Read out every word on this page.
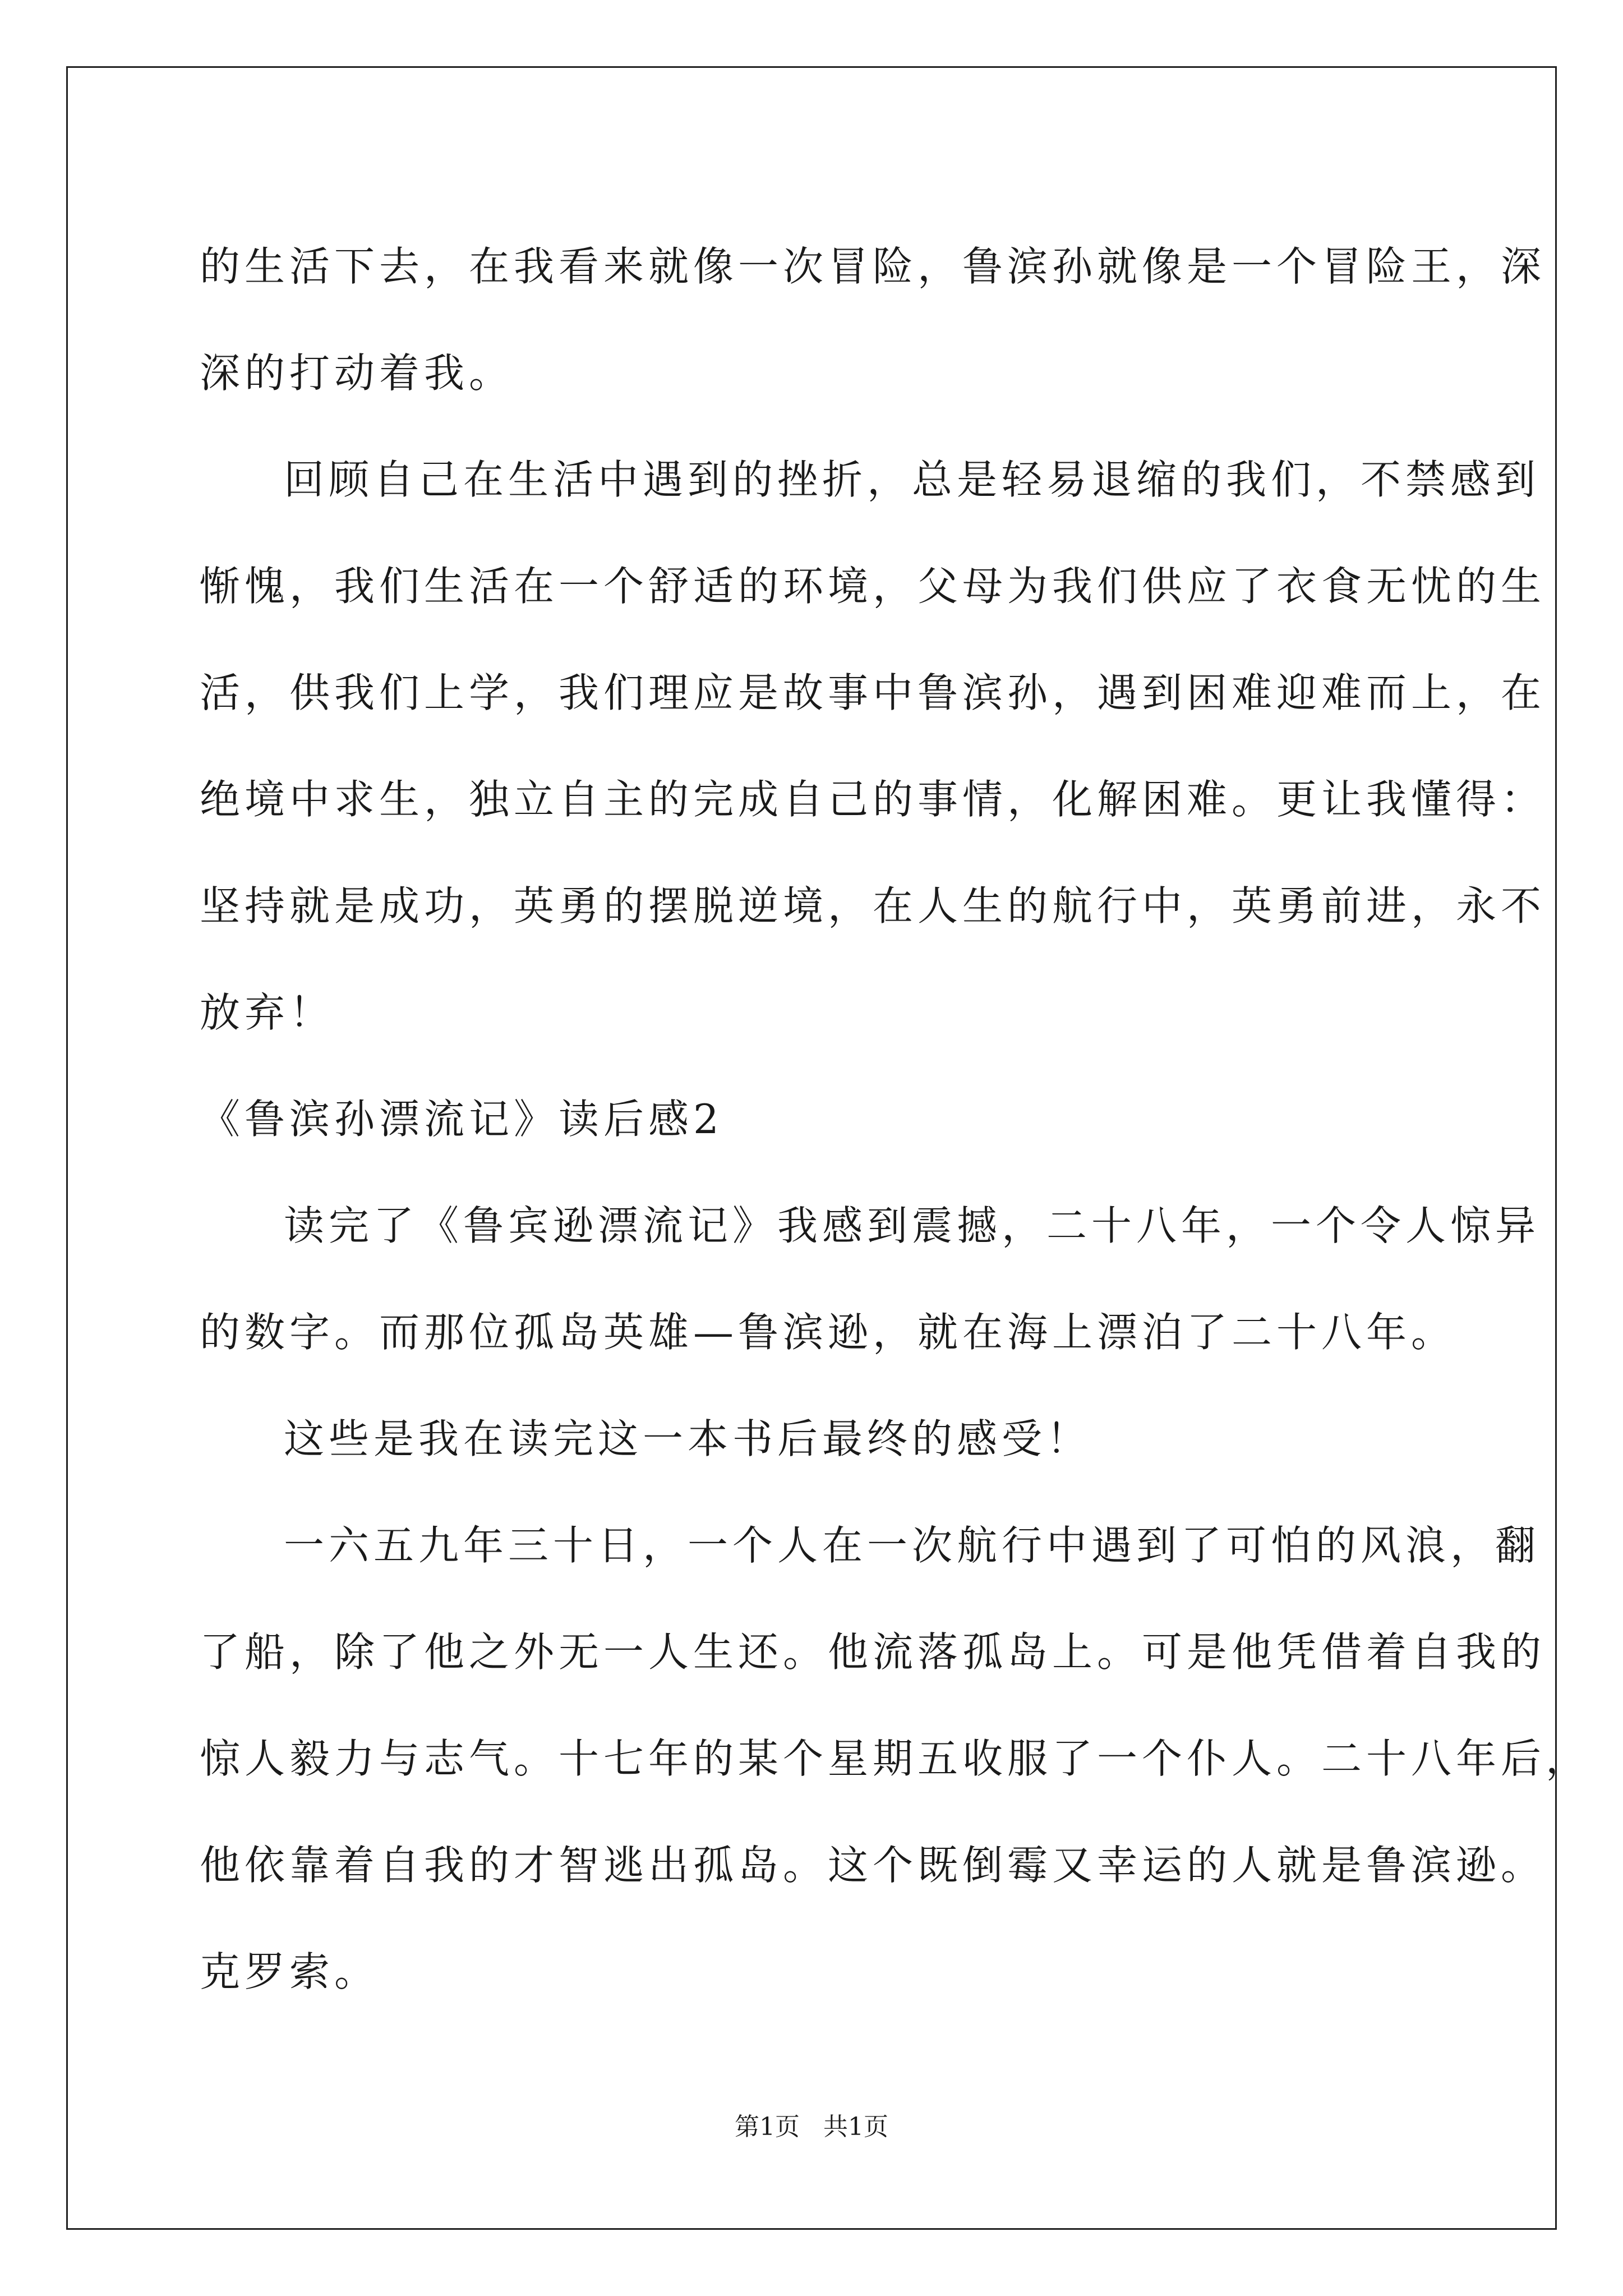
的生活下去，在我看来就像一次冒险，鲁滨孙就像是一个冒险王，深
深的打动着我。
回顾自己在生活中遇到的挫折，总是轻易退缩的我们，不禁感到
惭愧，我们生活在一个舒适的环境，父母为我们供应了衣食无忧的生
活，供我们上学，我们理应是故事中鲁滨孙，遇到困难迎难而上，在
绝境中求生，独立自主的完成自己的事情，化解困难。更让我懂得：
坚持就是成功，英勇的摆脱逆境，在人生的航行中，英勇前进，永不
放弃！
《鲁滨孙漂流记》读后感2
读完了《鲁宾逊漂流记》我感到震撼，二十八年，一个令人惊异
的数字。而那位孤岛英雄—鲁滨逊，就在海上漂泊了二十八年。
这些是我在读完这一本书后最终的感受！
一六五九年三十日，一个人在一次航行中遇到了可怕的风浪，翻
了船，除了他之外无一人生还。他流落孤岛上。可是他凭借着自我的
惊人毅力与志气。十七年的某个星期五收服了一个仆人。二十八年后，
他依靠着自我的才智逃出孤岛。这个既倒霉又幸运的人就是鲁滨逊。
克罗索。
第1页   共1页
